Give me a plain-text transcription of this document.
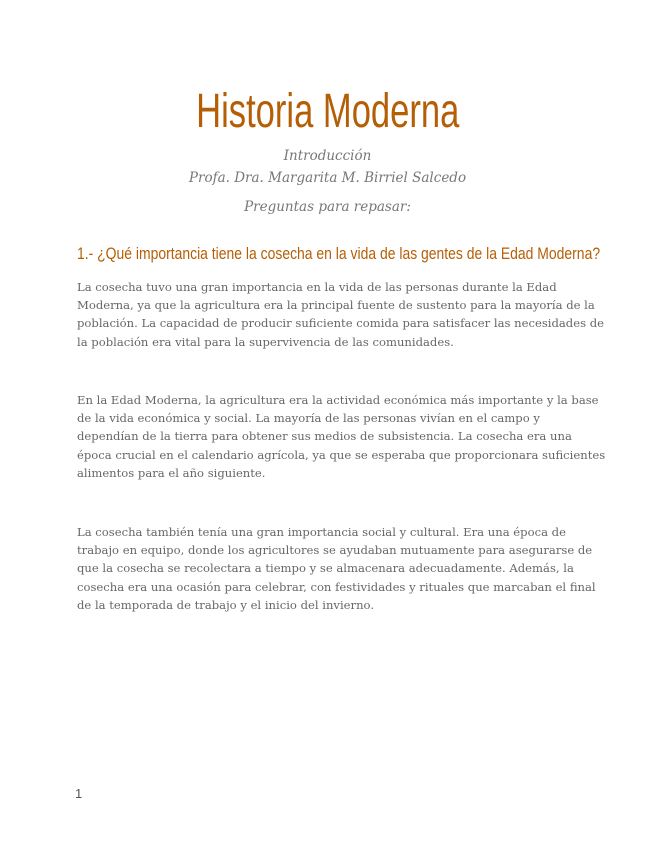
Historia Moderna
Introducción
Profa. Dra. Margarita M. Birriel Salcedo
Preguntas para repasar:
1.- ¿Qué importancia tiene la cosecha en la vida de las gentes de la Edad Moderna?
La cosecha tuvo una gran importancia en la vida de las personas durante la Edad
Moderna, ya que la agricultura era la principal fuente de sustento para la mayoría de la
población. La capacidad de producir suficiente comida para satisfacer las necesidades de
la población era vital para la supervivencia de las comunidades.
En la Edad Moderna, la agricultura era la actividad económica más importante y la base
de la vida económica y social. La mayoría de las personas vivían en el campo y
dependían de la tierra para obtener sus medios de subsistencia. La cosecha era una
época crucial en el calendario agrícola, ya que se esperaba que proporcionara suficientes
alimentos para el año siguiente.
La cosecha también tenía una gran importancia social y cultural. Era una época de
trabajo en equipo, donde los agricultores se ayudaban mutuamente para asegurarse de
que la cosecha se recolectara a tiempo y se almacenara adecuadamente. Además, la
cosecha era una ocasión para celebrar, con festividades y rituales que marcaban el final
de la temporada de trabajo y el inicio del invierno.
1
